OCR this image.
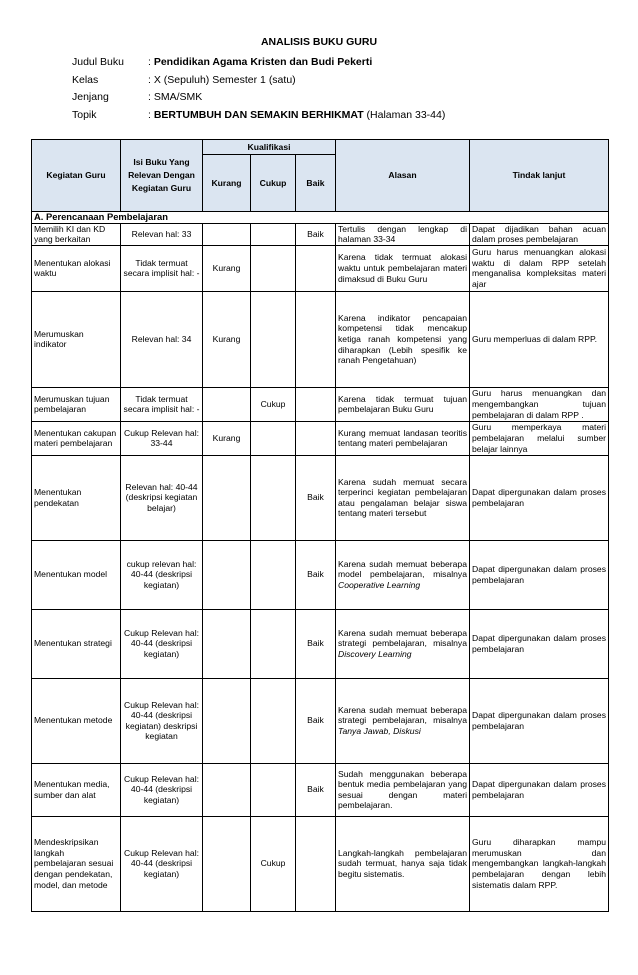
ANALISIS BUKU GURU
Judul Buku : Pendidikan Agama Kristen dan Budi Pekerti
Kelas	: X (Sepuluh) Semester 1 (satu)
Jenjang	: SMA/SMK
Topik	: BERTUMBUH DAN SEMAKIN BERHIKMAT (Halaman 33-44)
Kegiatan Guru	Isi Buku Yang Relevan Dengan Kegiatan Guru	Kualifikasi			Alasan	Tindak lanjut
		Kurang	Cukup	Baik		
A. Perencanaan Pembelajaran						
Memilih KI dan KD yang berkaitan	Relevan hal: 33			Baik	Tertulis dengan lengkap di halaman 33-34	Dapat dijadikan bahan acuan dalam proses pembelajaran
Menentukan alokasi waktu	Tidak termuat secara implisit hal: -	Kurang			Karena tidak termuat alokasi waktu untuk pembelajaran materi dimaksud di Buku Guru	Guru harus menuangkan alokasi waktu di dalam RPP setelah menganalisa kompleksitas materi ajar
Merumuskan indikator	Relevan hal: 34	Kurang			Karena indikator pencapaian kompetensi tidak mencakup ketiga ranah kompetensi yang diharapkan (Lebih spesifik ke ranah Pengetahuan)	Guru memperluas di dalam RPP.
Merumuskan tujuan pembelajaran	Tidak termuat secara implisit hal: -		Cukup		Karena tidak termuat tujuan pembelajaran Buku Guru	Guru harus menuangkan dan mengembangkan tujuan pembelajaran di dalam RPP .
Menentukan cakupan materi pembelajaran	Cukup Relevan hal: 33-44	Kurang			Kurang memuat landasan teoritis tentang materi pembelajaran	Guru memperkaya materi pembelajaran melalui sumber belajar lainnya
Menentukan pendekatan	Relevan hal: 40-44 (deskripsi kegiatan belajar)			Baik	Karena sudah memuat secara terperinci kegiatan pembelajaran atau pengalaman belajar siswa tentang materi tersebut	Dapat dipergunakan dalam proses pembelajaran
Menentukan model	cukup relevan hal: 40-44 (deskripsi kegiatan)			Baik	Karena sudah memuat beberapa model pembelajaran, misalnya Cooperative Learning	Dapat dipergunakan dalam proses pembelajaran
Menentukan strategi	Cukup Relevan hal: 40-44 (deskripsi kegiatan)			Baik	Karena sudah memuat beberapa strategi pembelajaran, misalnya Discovery Learning	Dapat dipergunakan dalam proses pembelajaran
Menentukan metode	Cukup Relevan hal: 40-44 (deskripsi kegiatan) deskripsi kegiatan			Baik	Karena sudah memuat beberapa strategi pembelajaran, misalnya Tanya Jawab, Diskusi	Dapat dipergunakan dalam proses pembelajaran
Menentukan media, sumber dan alat	Cukup Relevan hal: 40-44 (deskripsi kegiatan)			Baik	Sudah menggunakan beberapa bentuk media pembelajaran yang sesuai dengan materi pembelajaran.	Dapat dipergunakan dalam proses pembelajaran
Mendeskripsikan langkah pembelajaran sesuai dengan pendekatan, model, dan metode	Cukup Relevan hal: 40-44 (deskripsi kegiatan)		Cukup		Langkah-langkah pembelajaran sudah termuat, hanya saja tidak begitu sistematis.	Guru diharapkan mampu merumuskan dan mengembangkan langkah-langkah pembelajaran dengan lebih sistematis dalam RPP.
